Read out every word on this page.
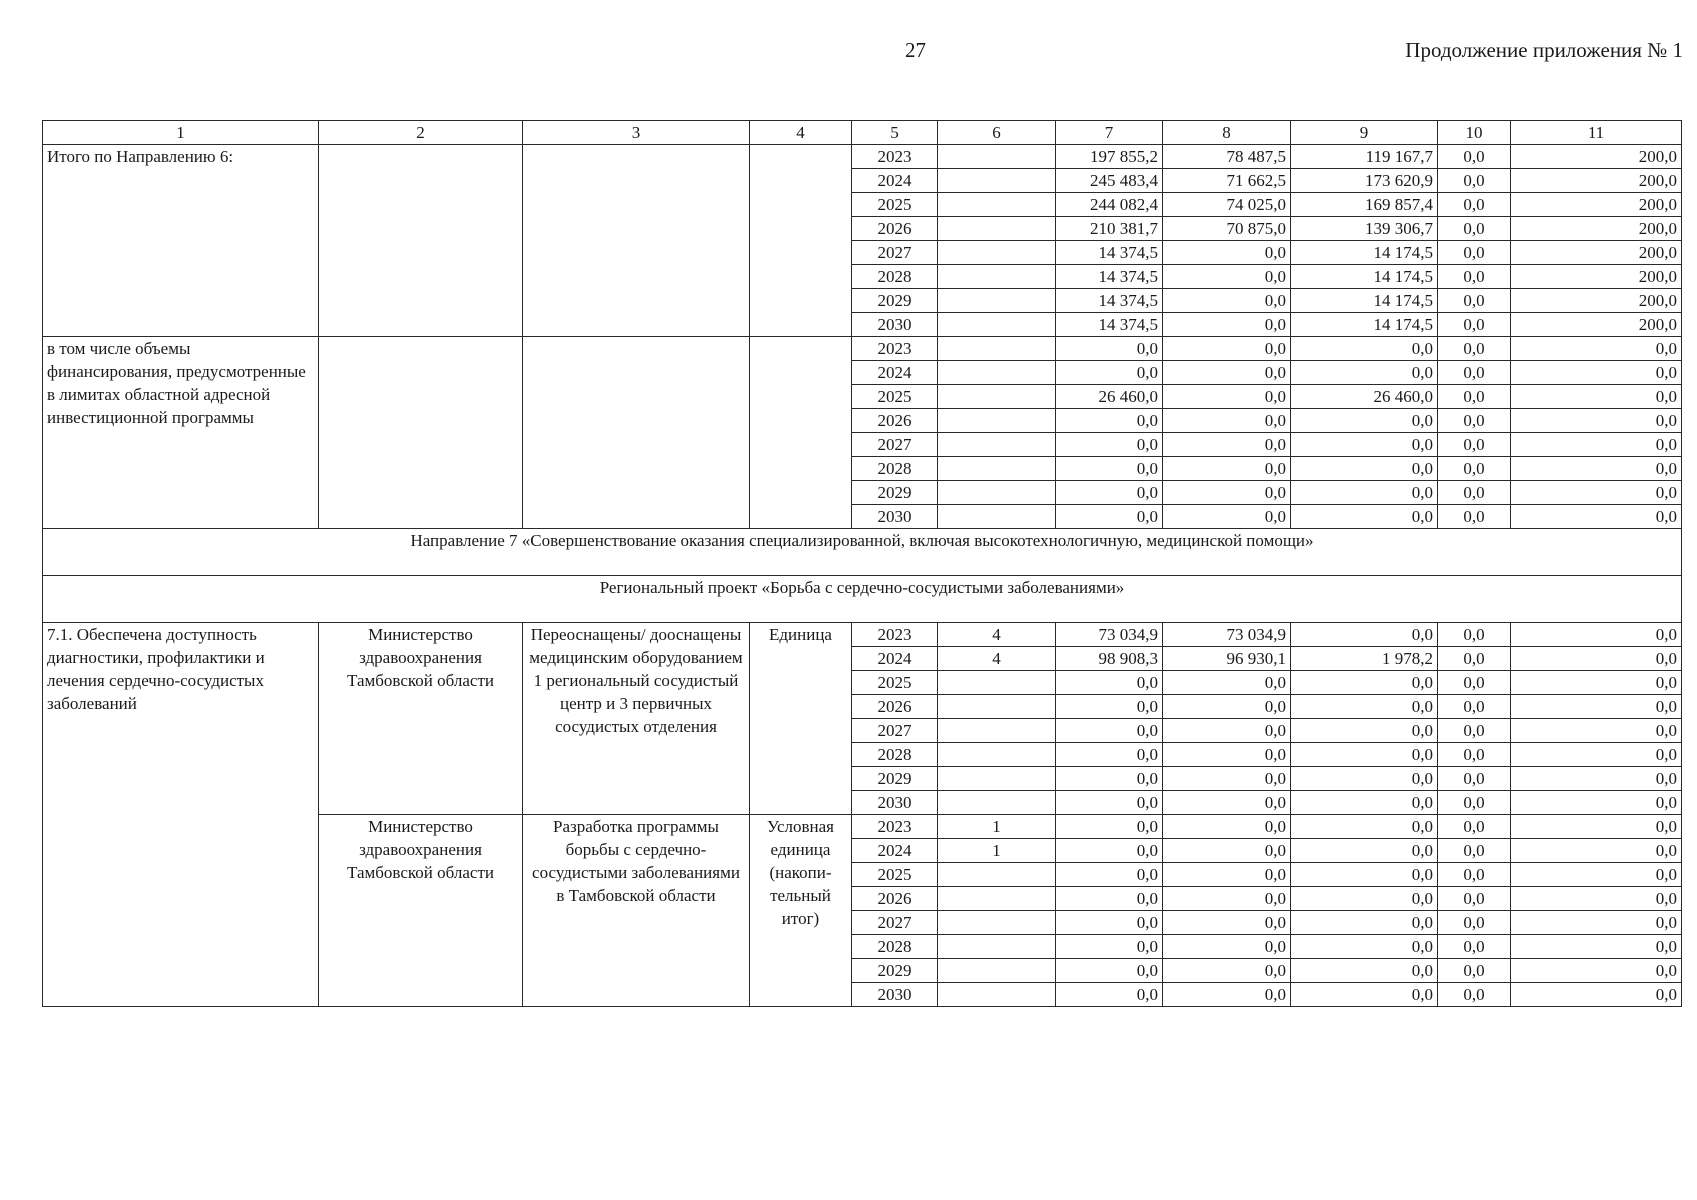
27	Продолжение приложения № 1
1	2	3	4	5	6	7	8	9	10	11
Итого по Направлению 6:				2023		197 855,2	78 487,5	119 167,7	0,0	200,0
				2024		245 483,4	71 662,5	173 620,9	0,0	200,0
				2025		244 082,4	74 025,0	169 857,4	0,0	200,0
				2026		210 381,7	70 875,0	139 306,7	0,0	200,0
				2027		14 374,5	0,0	14 174,5	0,0	200,0
				2028		14 374,5	0,0	14 174,5	0,0	200,0
				2029		14 374,5	0,0	14 174,5	0,0	200,0
				2030		14 374,5	0,0	14 174,5	0,0	200,0
в том числе объемы финансирования, предусмотренные в лимитах областной адресной инвестиционной программы				2023		0,0	0,0	0,0	0,0	0,0
				2024		0,0	0,0	0,0	0,0	0,0
				2025		26 460,0	0,0	26 460,0	0,0	0,0
				2026		0,0	0,0	0,0	0,0	0,0
				2027		0,0	0,0	0,0	0,0	0,0
				2028		0,0	0,0	0,0	0,0	0,0
				2029		0,0	0,0	0,0	0,0	0,0
				2030		0,0	0,0	0,0	0,0	0,0
Направление 7 «Совершенствование оказания специализированной, включая высокотехнологичную, медицинской помощи»										
Региональный проект «Борьба с сердечно-сосудистыми заболеваниями»										
7.1. Обеспечена доступность диагностики, профилактики и лечения сердечно-сосудистых заболеваний	Министерство здравоохранения Тамбовской области	Переоснащены/ дооснащены медицинским оборудованием 1 региональный сосудистый центр и 3 первичных сосудистых отделения	Единица	2023	4	73 034,9	73 034,9	0,0	0,0	0,0
				2024	4	98 908,3	96 930,1	1 978,2	0,0	0,0
				2025		0,0	0,0	0,0	0,0	0,0
				2026		0,0	0,0	0,0	0,0	0,0
				2027		0,0	0,0	0,0	0,0	0,0
				2028		0,0	0,0	0,0	0,0	0,0
				2029		0,0	0,0	0,0	0,0	0,0
				2030		0,0	0,0	0,0	0,0	0,0
	Министерство здравоохранения Тамбовской области	Разработка программы борьбы с сердечно-сосудистыми заболеваниями в Тамбовской области	Условная единица (накопи-тельный итог)	2023	1	0,0	0,0	0,0	0,0	0,0
				2024	1	0,0	0,0	0,0	0,0	0,0
				2025		0,0	0,0	0,0	0,0	0,0
				2026		0,0	0,0	0,0	0,0	0,0
				2027		0,0	0,0	0,0	0,0	0,0
				2028		0,0	0,0	0,0	0,0	0,0
				2029		0,0	0,0	0,0	0,0	0,0
				2030		0,0	0,0	0,0	0,0	0,0
